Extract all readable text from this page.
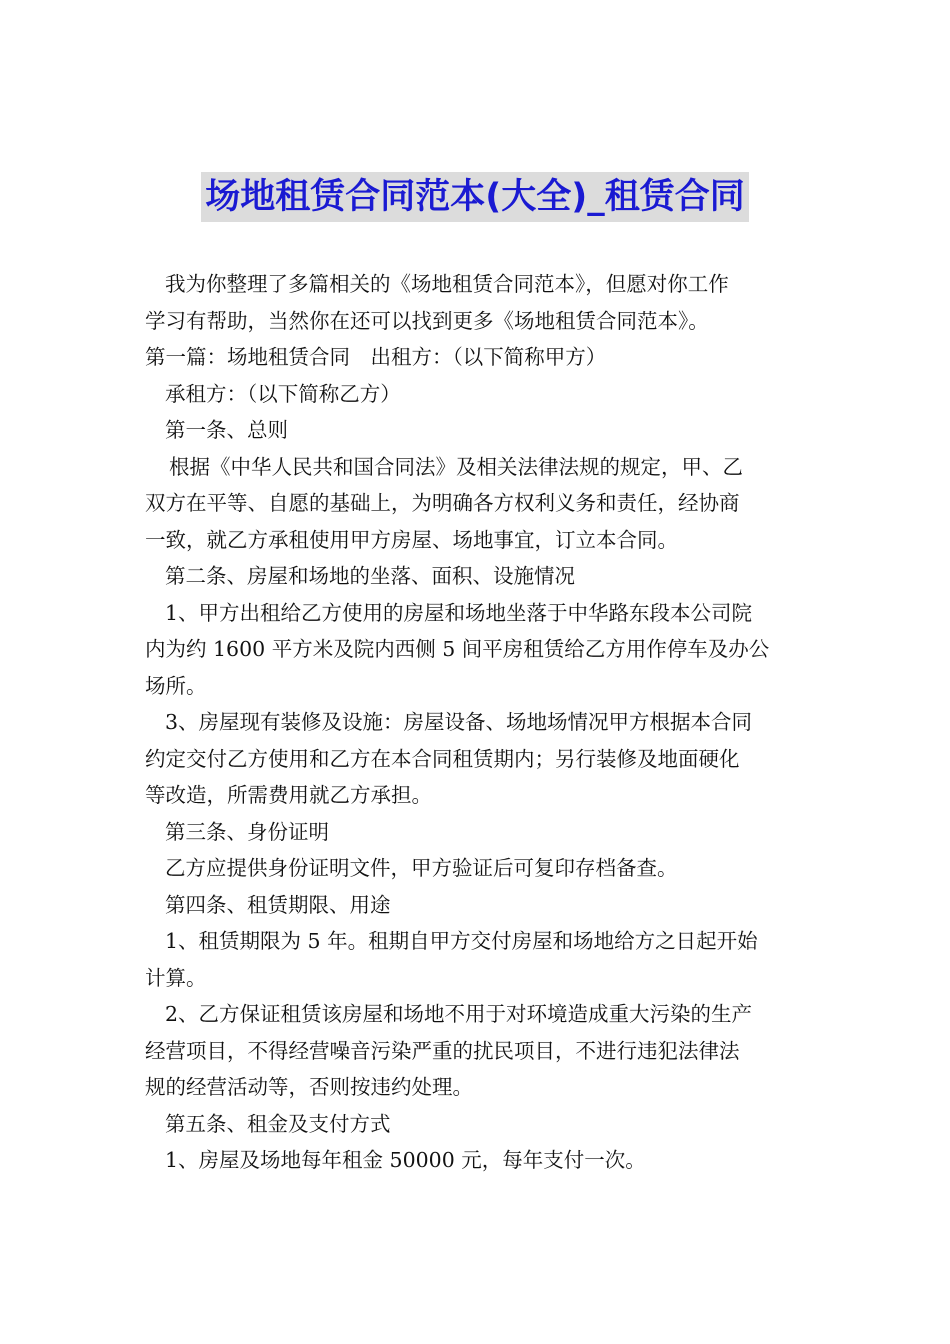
场地租赁合同范本(大全)_租赁合同

我为你整理了多篇相关的《场地租赁合同范本》，但愿对你工作

学习有帮助，当然你在还可以找到更多《场地租赁合同范本》。

第一篇：场地租赁合同　出租方：（以下简称甲方）

承租方：（以下简称乙方）

第一条、总则

根据《中华人民共和国合同法》及相关法律法规的规定，甲、乙

双方在平等、自愿的基础上，为明确各方权利义务和责任，经协商

一致，就乙方承租使用甲方房屋、场地事宜，订立本合同。

第二条、房屋和场地的坐落、面积、设施情况

1、甲方出租给乙方使用的房屋和场地坐落于中华路东段本公司院

内为约 1600 平方米及院内西侧 5 间平房租赁给乙方用作停车及办公

场所。

3、房屋现有装修及设施：房屋设备、场地场情况甲方根据本合同

约定交付乙方使用和乙方在本合同租赁期内；另行装修及地面硬化

等改造，所需费用就乙方承担。

第三条、身份证明

乙方应提供身份证明文件，甲方验证后可复印存档备查。

第四条、租赁期限、用途

1、租赁期限为 5 年。租期自甲方交付房屋和场地给方之日起开始

计算。

2、乙方保证租赁该房屋和场地不用于对环境造成重大污染的生产

经营项目，不得经营噪音污染严重的扰民项目，不进行违犯法律法

规的经营活动等，否则按违约处理。

第五条、租金及支付方式

1、房屋及场地每年租金 50000 元，每年支付一次。
